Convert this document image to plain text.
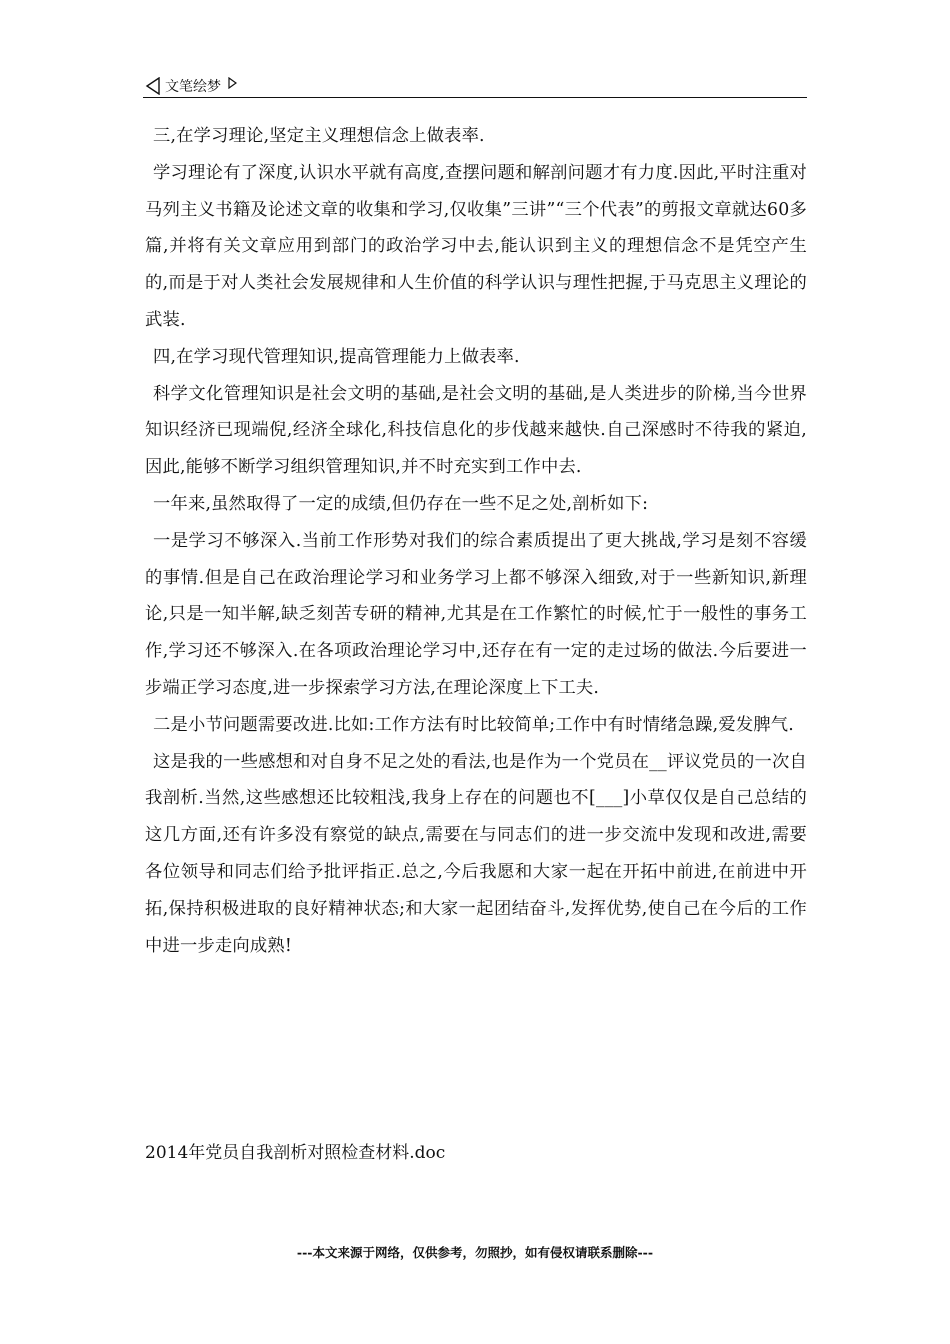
文笔绘梦

三,在学习理论,坚定主义理想信念上做表率.

学习理论有了深度,认识水平就有高度,查摆问题和解剖问题才有力度.因此,平时注重对马列主义书籍及论述文章的收集和学习,仅收集”三讲”“三个代表”的剪报文章就达60多篇,并将有关文章应用到部门的政治学习中去,能认识到主义的理想信念不是凭空产生的,而是于对人类社会发展规律和人生价值的科学认识与理性把握,于马克思主义理论的武装.

四,在学习现代管理知识,提高管理能力上做表率.

科学文化管理知识是社会文明的基础,是社会文明的基础,是人类进步的阶梯,当今世界知识经济已现端倪,经济全球化,科技信息化的步伐越来越快.自己深感时不待我的紧迫,因此,能够不断学习组织管理知识,并不时充实到工作中去.

一年来,虽然取得了一定的成绩,但仍存在一些不足之处,剖析如下:

一是学习不够深入.当前工作形势对我们的综合素质提出了更大挑战,学习是刻不容缓的事情.但是自己在政治理论学习和业务学习上都不够深入细致,对于一些新知识,新理论,只是一知半解,缺乏刻苦专研的精神,尤其是在工作繁忙的时候,忙于一般性的事务工作,学习还不够深入.在各项政治理论学习中,还存在有一定的走过场的做法.今后要进一步端正学习态度,进一步探索学习方法,在理论深度上下工夫.

二是小节问题需要改进.比如:工作方法有时比较简单;工作中有时情绪急躁,爱发脾气.

这是我的一些感想和对自身不足之处的看法,也是作为一个党员在__评议党员的一次自我剖析.当然,这些感想还比较粗浅,我身上存在的问题也不[___]小草仅仅是自己总结的这几方面,还有许多没有察觉的缺点,需要在与同志们的进一步交流中发现和改进,需要各位领导和同志们给予批评指正.总之,今后我愿和大家一起在开拓中前进,在前进中开拓,保持积极进取的良好精神状态;和大家一起团结奋斗,发挥优势,使自己在今后的工作中进一步走向成熟!

2014年党员自我剖析对照检查材料.doc
---本文来源于网络，仅供参考，勿照抄，如有侵权请联系删除---
